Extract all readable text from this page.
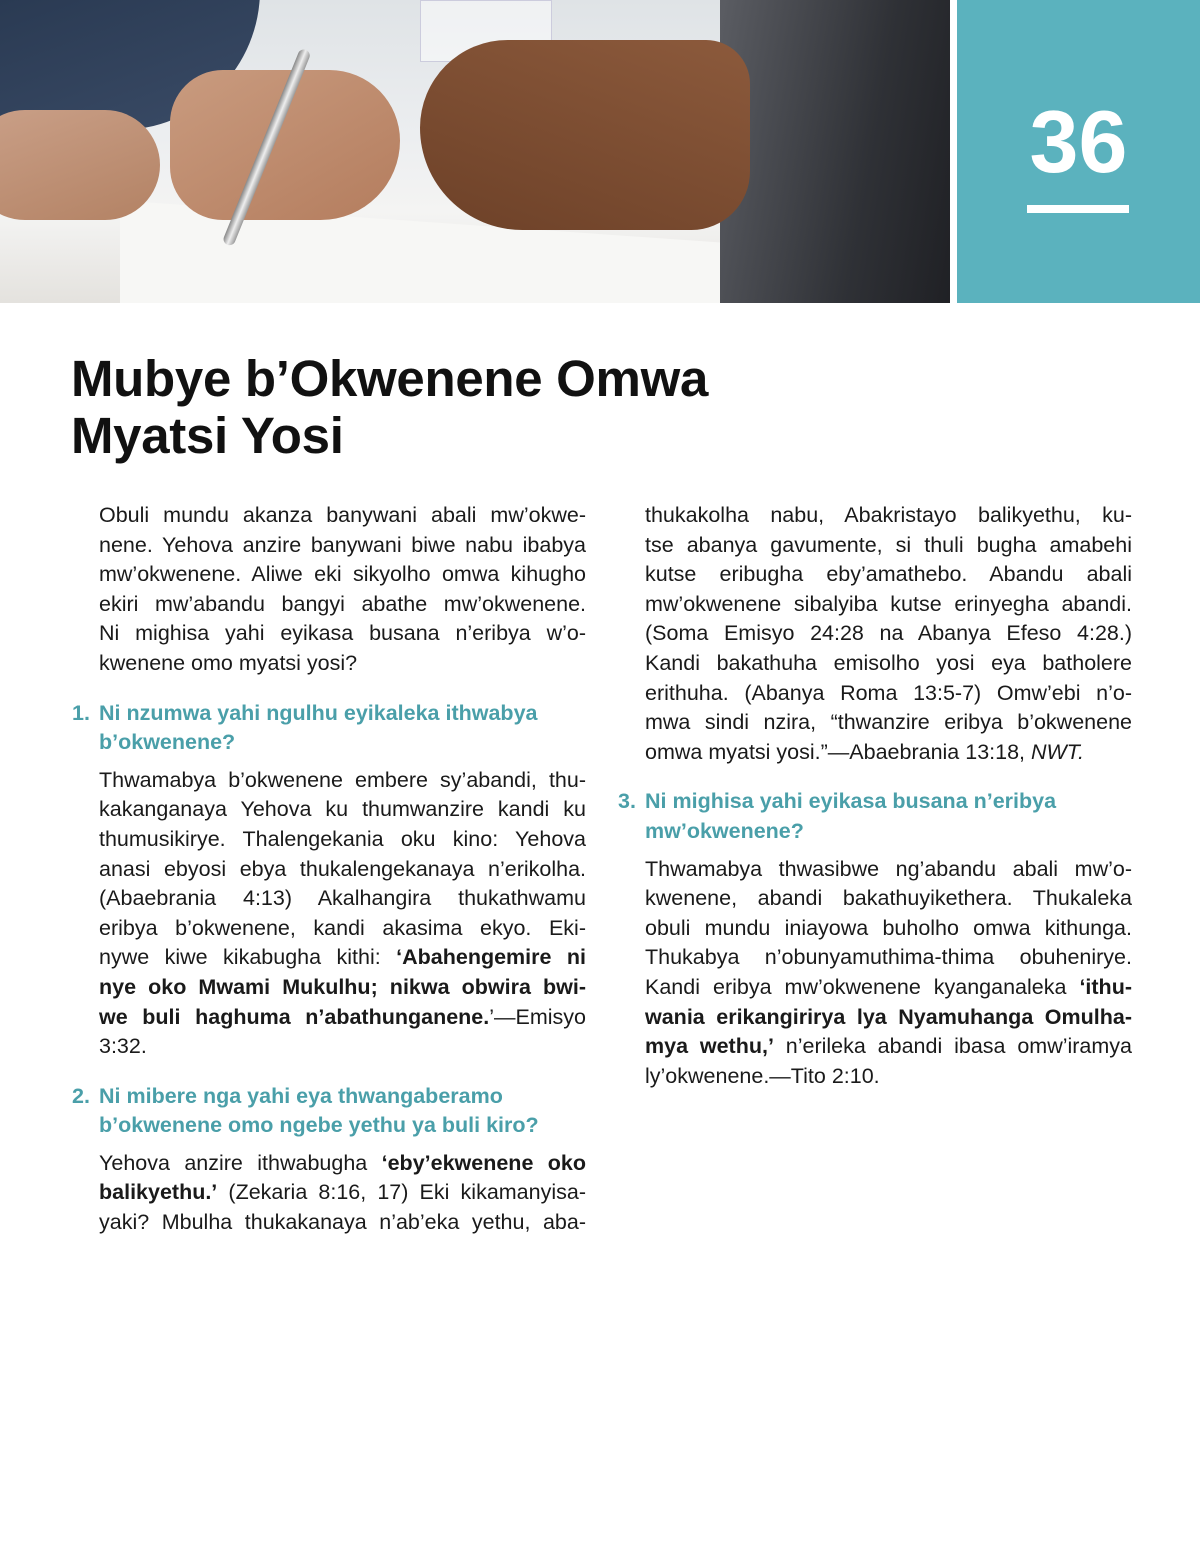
36
Mubye b’Okwenene Omwa
Myatsi Yosi
Obuli mundu akanza banywani abali mw’okwe-
nene. Yehova anzire banywani biwe nabu ibabya
mw’okwenene. Aliwe eki sikyolho omwa kihugho
ekiri mw’abandu bangyi abathe mw’okwenene.
Ni mighisa yahi eyikasa busana n’eribya w’o-
kwenene omo myatsi yosi?
1. Ni nzumwa yahi ngulhu eyikaleka ithwabya
b’okwenene?
Thwamabya b’okwenene embere sy’abandi, thu-
kakanganaya Yehova ku thumwanzire kandi ku
thumusikirye. Thalengekania oku kino: Yehova
anasi ebyosi ebya thukalengekanaya n’erikolha.
(Abaebrania 4:13) Akalhangira thukathwamu
eribya b’okwenene, kandi akasima ekyo. Eki-
nywe kiwe kikabugha kithi: ‘Abahengemire ni
nye oko Mwami Mukulhu; nikwa obwira bwi-
we buli haghuma n’abathunganene.’—Emisyo
3:32.
2. Ni mibere nga yahi eya thwangaberamo
b’okwenene omo ngebe yethu ya buli kiro?
Yehova anzire ithwabugha ‘eby’ekwenene oko
balikyethu.’ (Zekaria 8:16, 17) Eki kikamanyisa-
yaki? Mbulha thukakanaya n’ab’eka yethu, aba-
thukakolha nabu, Abakristayo balikyethu, ku-
tse abanya gavumente, si thuli bugha amabehi
kutse eribugha eby’amathebo. Abandu abali
mw’okwenene sibalyiba kutse erinyegha abandi.
(Soma Emisyo 24:28 na Abanya Efeso 4:28.)
Kandi bakathuha emisolho yosi eya batholere
erithuha. (Abanya Roma 13:5-7) Omw’ebi n’o-
mwa sindi nzira, “thwanzire eribya b’okwenene
omwa myatsi yosi.”—Abaebrania 13:18, NWT.
3. Ni mighisa yahi eyikasa busana n’eribya
mw’okwenene?
Thwamabya thwasibwe ng’abandu abali mw’o-
kwenene, abandi bakathuyikethera. Thukaleka
obuli mundu iniayowa buholho omwa kithunga.
Thukabya n’obunyamuthima-thima obuhenirye.
Kandi eribya mw’okwenene kyanganaleka ‘ithu-
wania erikangirirya lya Nyamuhanga Omulha-
mya wethu,’ n’erileka abandi ibasa omw’iramya
ly’okwenene.—Tito 2:10.
